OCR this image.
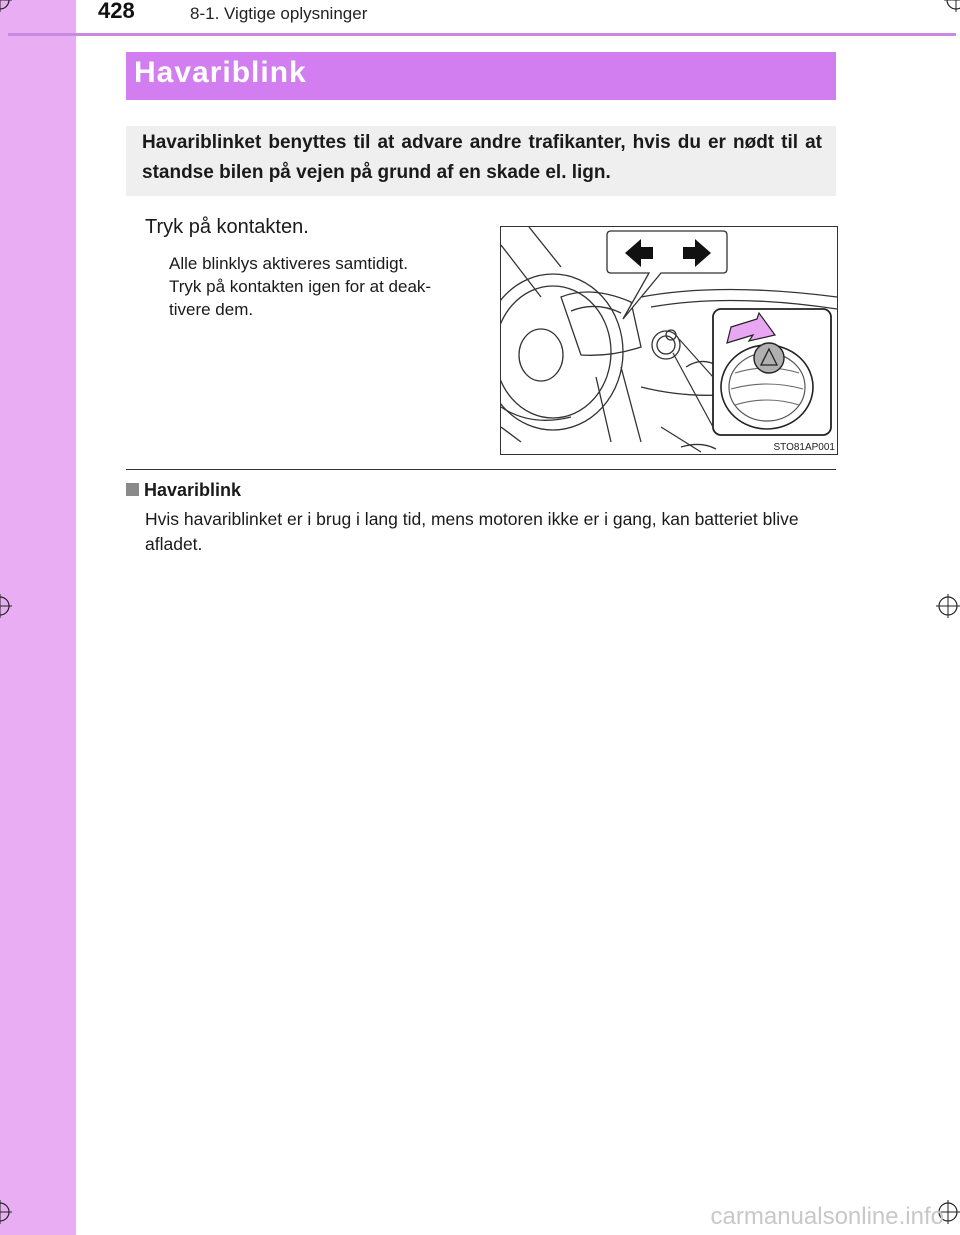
428	8-1. Vigtige oplysninger
Havariblink

Havariblinket benyttes til at advare andre trafikanter, hvis du er nødt til at standse bilen på vejen på grund af en skade el. lign.

Tryk på kontakten.
Alle blinklys aktiveres samtidigt.
Tryk på kontakten igen for at deak-
tivere dem.
STO81AP001
Havariblink
Hvis havariblinket er i brug i lang tid, mens motoren ikke er i gang, kan batteriet blive afladet.
carmanualsonline.info
